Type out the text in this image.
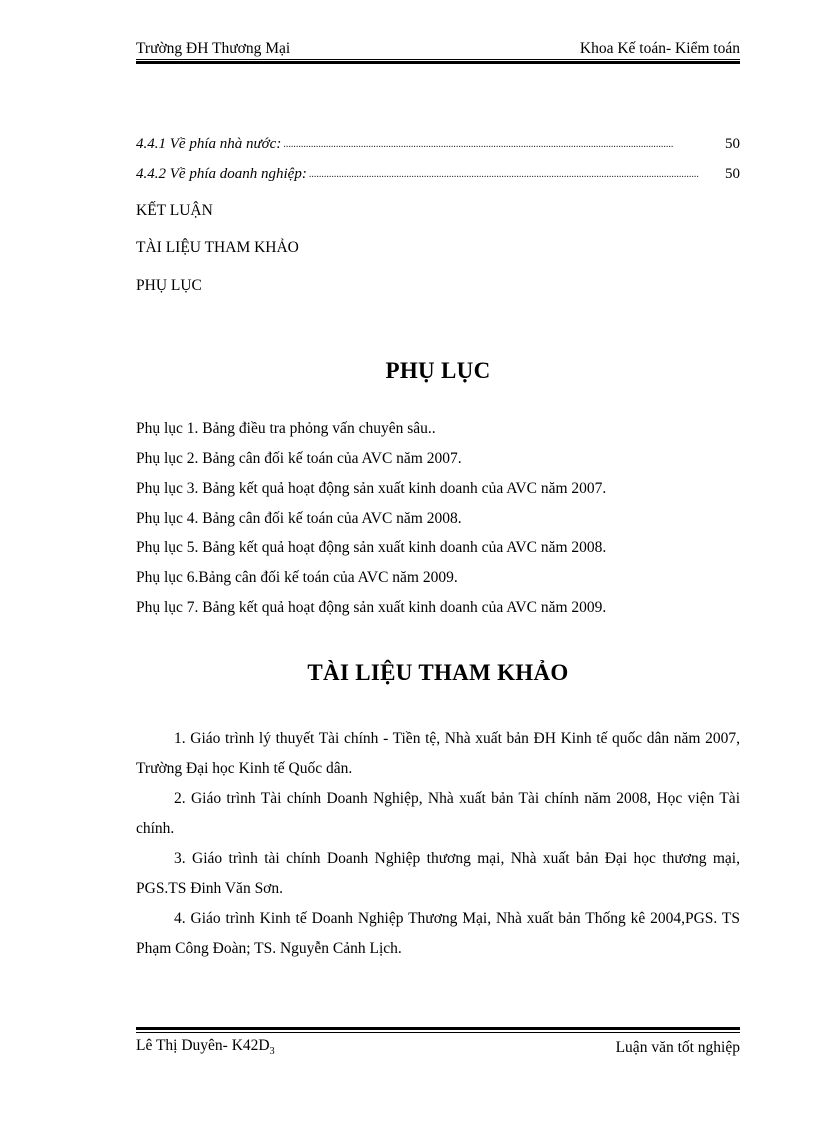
Trường ĐH Thương Mại	Khoa Kế toán- Kiểm toán
4.4.1 Về phía nhà nước: ............................................................................................................................................................	50
4.4.2 Về phía doanh nghiệp: ............................................................................................................................................................	50
KẾT LUẬN
TÀI LIỆU THAM KHẢO
PHỤ LỤC
PHỤ LỤC
Phụ lục 1. Bảng điều tra phỏng vấn chuyên sâu..
Phụ lục 2. Bảng cân đối kế toán của AVC năm 2007.
Phụ lục 3. Bảng kết quả hoạt động sản xuất kinh doanh của AVC năm 2007.
Phụ lục 4. Bảng cân đối kế toán của AVC năm 2008.
Phụ lục 5. Bảng kết quả hoạt động sản xuất kinh doanh của AVC năm 2008.
Phụ lục 6.Bảng cân đối kế toán của AVC năm 2009.
Phụ lục 7. Bảng kết quả hoạt động sản xuất kinh doanh của AVC năm 2009.
TÀI LIỆU THAM KHẢO
1. Giáo trình lý thuyết Tài chính - Tiền tệ, Nhà xuất bản ĐH Kinh tế quốc dân năm 2007, Trường Đại học Kinh tế Quốc dân.
2. Giáo trình Tài chính Doanh Nghiệp, Nhà xuất bản Tài chính năm 2008, Học viện Tài chính.
3. Giáo trình tài chính Doanh Nghiệp thương mại, Nhà xuất bản Đại học thương mại, PGS.TS Đinh Văn Sơn.
4. Giáo trình Kinh tế Doanh Nghiệp Thương Mại, Nhà xuất bản Thống kê 2004,PGS. TS Phạm Công Đoàn; TS. Nguyễn Cảnh Lịch.
Lê Thị Duyên- $K42D_3$	Luận văn tốt nghiệp
